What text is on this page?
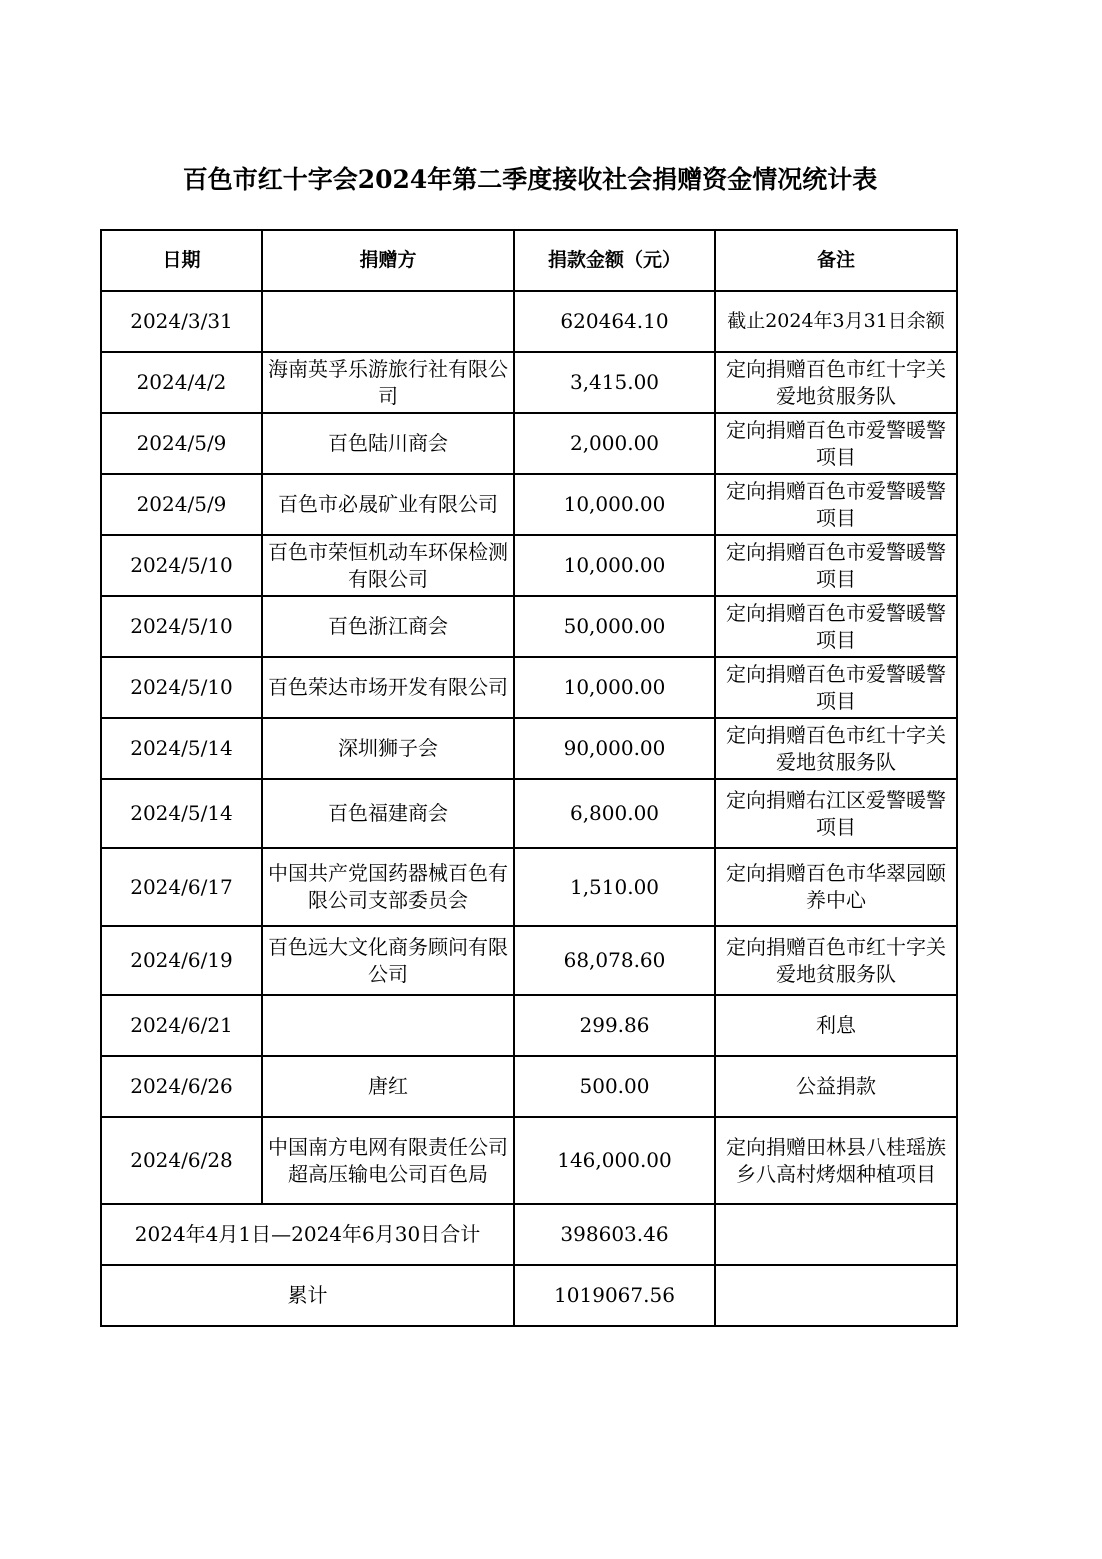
百色市红十字会2024年第二季度接收社会捐赠资金情况统计表
日期	捐赠方	捐款金额（元）	备注
2024/3/31		620464.10	截止2024年3月31日余额
2024/4/2	海南英孚乐游旅行社有限公司	3,415.00	定向捐赠百色市红十字关爱地贫服务队
2024/5/9	百色陆川商会	2,000.00	定向捐赠百色市爱警暖警项目
2024/5/9	百色市必晟矿业有限公司	10,000.00	定向捐赠百色市爱警暖警项目
2024/5/10	百色市荣恒机动车环保检测有限公司	10,000.00	定向捐赠百色市爱警暖警项目
2024/5/10	百色浙江商会	50,000.00	定向捐赠百色市爱警暖警项目
2024/5/10	百色荣达市场开发有限公司	10,000.00	定向捐赠百色市爱警暖警项目
2024/5/14	深圳狮子会	90,000.00	定向捐赠百色市红十字关爱地贫服务队
2024/5/14	百色福建商会	6,800.00	定向捐赠右江区爱警暖警项目
2024/6/17	中国共产党国药器械百色有限公司支部委员会	1,510.00	定向捐赠百色市华翠园颐养中心
2024/6/19	百色远大文化商务顾问有限公司	68,078.60	定向捐赠百色市红十字关爱地贫服务队
2024/6/21		299.86	利息
2024/6/26	唐红	500.00	公益捐款
2024/6/28	中国南方电网有限责任公司超高压输电公司百色局	146,000.00	定向捐赠田林县八桂瑶族乡八高村烤烟种植项目
2024年4月1日—2024年6月30日合计		398603.46	
累计		1019067.56	
